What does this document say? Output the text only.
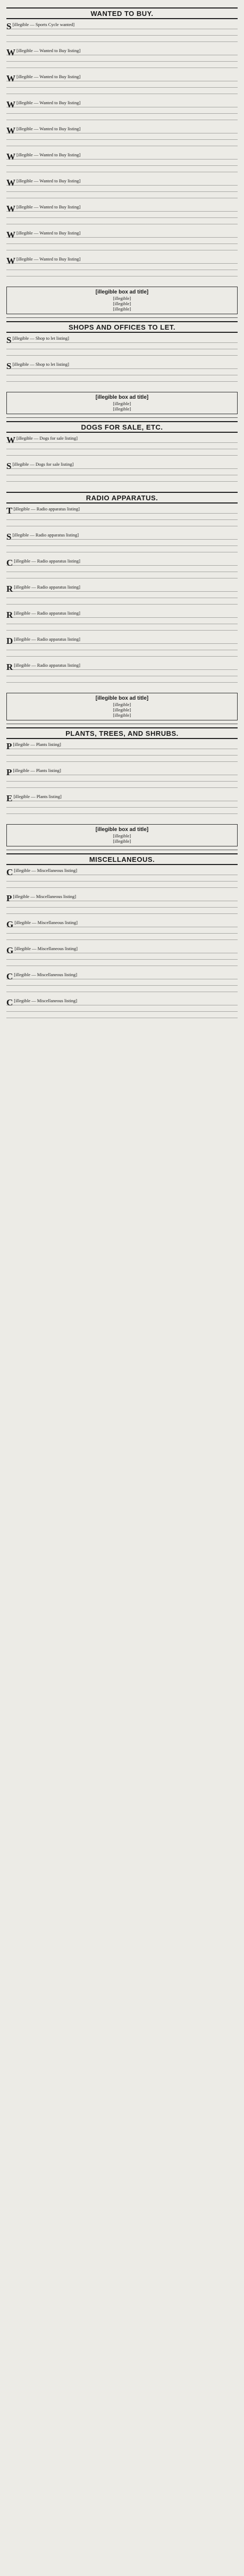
WANTED TO BUY.

S [illegible — Sports Cycle wanted]

W [illegible — Wanted to Buy listing]

W [illegible — Wanted to Buy listing]

W [illegible — Wanted to Buy listing]

W [illegible — Wanted to Buy listing]

W [illegible — Wanted to Buy listing]

W [illegible — Wanted to Buy listing]

W [illegible — Wanted to Buy listing]

W [illegible — Wanted to Buy listing]

W [illegible — Wanted to Buy listing]

[illegible box ad title]
[illegible]
[illegible]
[illegible]
SHOPS AND OFFICES TO LET.

S [illegible — Shop to let listing]

S [illegible — Shop to let listing]

[illegible box ad title]
[illegible]
[illegible]
DOGS FOR SALE, ETC.

W [illegible — Dogs for sale listing]

S [illegible — Dogs for sale listing]

RADIO APPARATUS.

T [illegible — Radio apparatus listing]

S [illegible — Radio apparatus listing]

C [illegible — Radio apparatus listing]

R [illegible — Radio apparatus listing]

R [illegible — Radio apparatus listing]

D [illegible — Radio apparatus listing]

R [illegible — Radio apparatus listing]

[illegible box ad title]
[illegible]
[illegible]
[illegible]
PLANTS, TREES, AND SHRUBS.

P [illegible — Plants listing]

P [illegible — Plants listing]

E [illegible — Plants listing]

[illegible box ad title]
[illegible]
[illegible]
MISCELLANEOUS.

C [illegible — Miscellaneous listing]

P [illegible — Miscellaneous listing]

G [illegible — Miscellaneous listing]

G [illegible — Miscellaneous listing]

C [illegible — Miscellaneous listing]

C [illegible — Miscellaneous listing]
